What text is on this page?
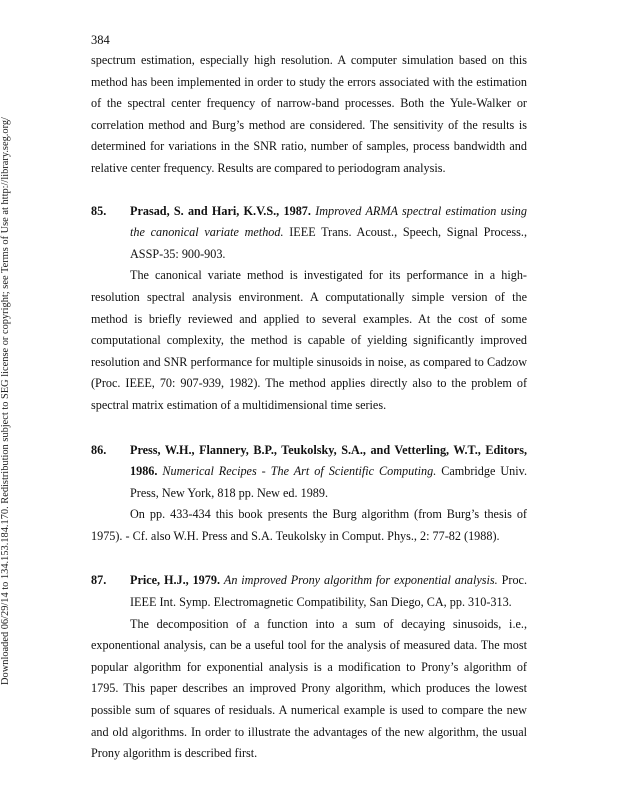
384
Downloaded 06/29/14 to 134.153.184.170. Redistribution subject to SEG license or copyright; see Terms of Use at http://library.seg.org/

spectrum estimation, especially high resolution. A computer simulation based on this method has been implemented in order to study the errors associated with the estimation of the spectral center frequency of narrow-band processes. Both the Yule-Walker or correlation method and Burg’s method are considered. The sensitivity of the results is determined for variations in the SNR ratio, number of samples, process bandwidth and relative center frequency. Results are compared to periodogram analysis.

85. Prasad, S. and Hari, K.V.S., 1987. Improved ARMA spectral estimation using the canonical variate method. IEEE Trans. Acoust., Speech, Signal Process., ASSP-35: 900-903.

The canonical variate method is investigated for its performance in a high-resolution spectral analysis environment. A computationally simple version of the method is briefly reviewed and applied to several examples. At the cost of some computational complexity, the method is capable of yielding significantly improved resolution and SNR performance for multiple sinusoids in noise, as compared to Cadzow (Proc. IEEE, 70: 907-939, 1982). The method applies directly also to the problem of spectral matrix estimation of a multidimensional time series.

86. Press, W.H., Flannery, B.P., Teukolsky, S.A., and Vetterling, W.T., Editors, 1986. Numerical Recipes - The Art of Scientific Computing. Cambridge Univ. Press, New York, 818 pp. New ed. 1989.

On pp. 433-434 this book presents the Burg algorithm (from Burg’s thesis of 1975). - Cf. also W.H. Press and S.A. Teukolsky in Comput. Phys., 2: 77-82 (1988).

87. Price, H.J., 1979. An improved Prony algorithm for exponential analysis. Proc. IEEE Int. Symp. Electromagnetic Compatibility, San Diego, CA, pp. 310-313.

The decomposition of a function into a sum of decaying sinusoids, i.e., exponentional analysis, can be a useful tool for the analysis of measured data. The most popular algorithm for exponential analysis is a modification to Prony’s algorithm of 1795. This paper describes an improved Prony algorithm, which produces the lowest possible sum of squares of residuals. A numerical example is used to compare the new and old algorithms. In order to illustrate the advantages of the new algorithm, the usual Prony algorithm is described first.
